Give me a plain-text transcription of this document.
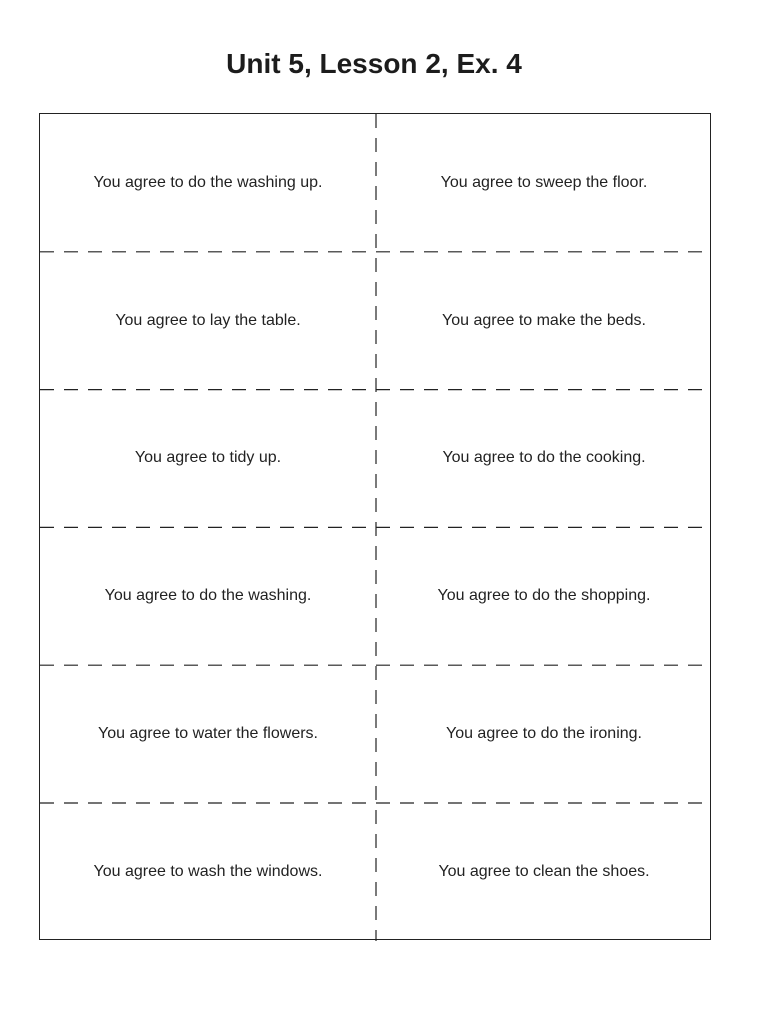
Unit 5, Lesson 2, Ex. 4
You agree to do the washing up.	You agree to sweep the floor.
You agree to lay the table.	You agree to make the beds.
You agree to tidy up.	You agree to do the cooking.
You agree to do the washing.	You agree to do the shopping.
You agree to water the flowers.	You agree to do the ironing.
You agree to wash the windows.	You agree to clean the shoes.
